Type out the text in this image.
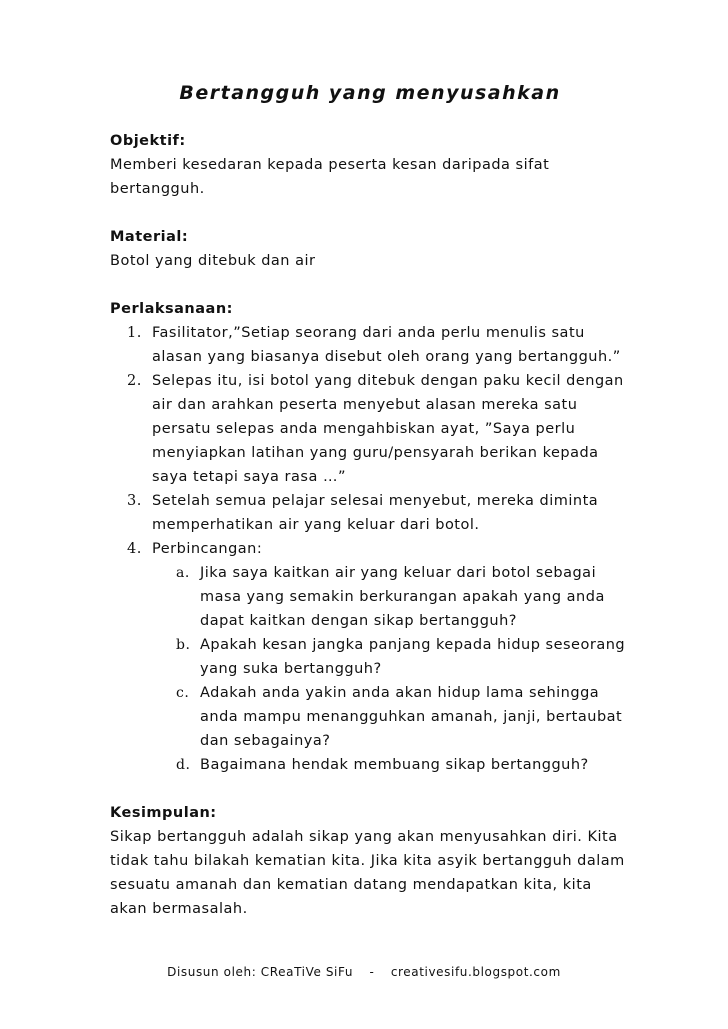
Bertangguh yang menyusahkan
Objektif:

Memberi kesedaran kepada peserta kesan daripada sifat bertangguh.

Material:

Botol yang ditebuk dan air

Perlaksanaan:
1. Fasilitator,”Setiap seorang dari anda perlu menulis satu alasan yang biasanya disebut oleh orang yang bertangguh.”
2. Selepas itu, isi botol yang ditebuk dengan paku kecil dengan air dan arahkan peserta menyebut alasan mereka satu persatu selepas anda mengahbiskan ayat, ”Saya perlu menyiapkan latihan yang guru/pensyarah berikan kepada saya tetapi saya rasa …”
3. Setelah semua pelajar selesai menyebut, mereka diminta memperhatikan air yang keluar dari botol.
4. Perbincangan:
a. Jika saya kaitkan air yang keluar dari botol sebagai masa yang semakin berkurangan apakah yang anda dapat kaitkan dengan sikap bertangguh?
b. Apakah kesan jangka panjang kepada hidup seseorang yang suka bertangguh?
c. Adakah anda yakin anda akan hidup lama sehingga anda mampu menangguhkan amanah, janji, bertaubat dan sebagainya?
d. Bagaimana hendak membuang sikap bertangguh?
Kesimpulan:

Sikap bertangguh adalah sikap yang akan menyusahkan diri. Kita tidak tahu bilakah kematian kita. Jika kita asyik bertangguh dalam sesuatu amanah dan kematian datang mendapatkan kita, kita akan bermasalah.

Disusun oleh: CReaTiVe SiFu - creativesifu.blogspot.com
